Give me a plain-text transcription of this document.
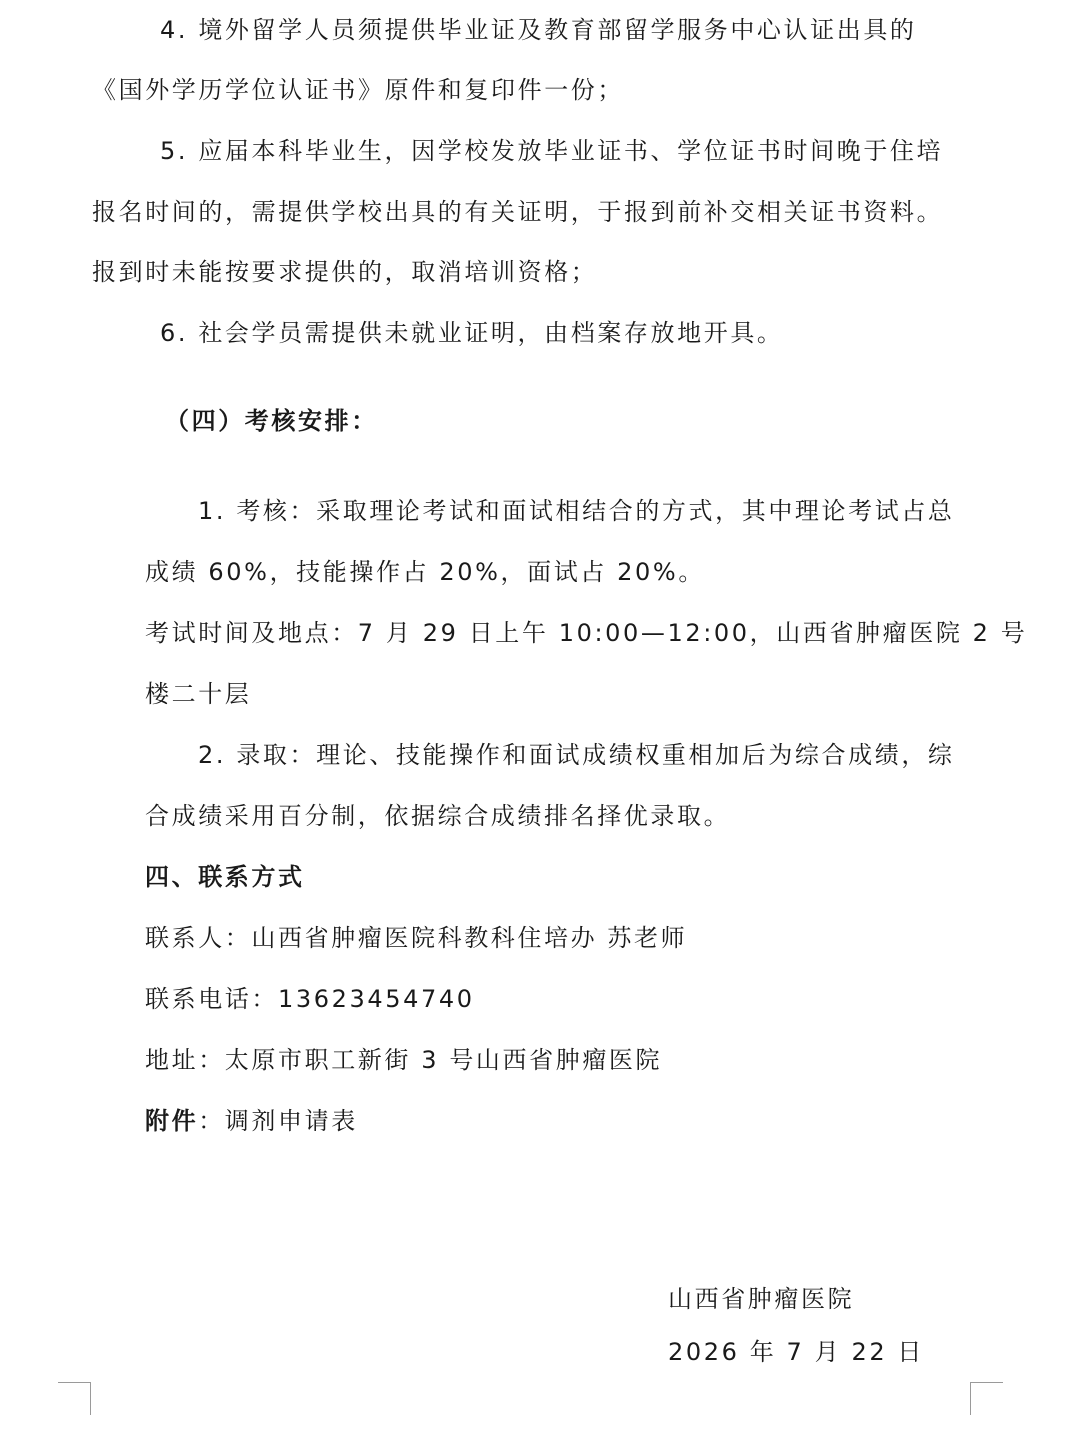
4. 境外留学人员须提供毕业证及教育部留学服务中心认证出具的
《国外学历学位认证书》原件和复印件一份；
5. 应届本科毕业生，因学校发放毕业证书、学位证书时间晚于住培
报名时间的，需提供学校出具的有关证明，于报到前补交相关证书资料。
报到时未能按要求提供的，取消培训资格；
6. 社会学员需提供未就业证明，由档案存放地开具。
（四）考核安排：
1. 考核：采取理论考试和面试相结合的方式，其中理论考试占总
成绩 60%，技能操作占 20%，面试占 20%。
考试时间及地点：7 月 29 日上午 10:00—12:00，山西省肿瘤医院 2 号
楼二十层
2. 录取：理论、技能操作和面试成绩权重相加后为综合成绩，综
合成绩采用百分制，依据综合成绩排名择优录取。
四、联系方式
联系人：山西省肿瘤医院科教科住培办 苏老师
联系电话：13623454740
地址：太原市职工新街 3 号山西省肿瘤医院
附件：调剂申请表
山西省肿瘤医院
2026 年 7 月 22 日
